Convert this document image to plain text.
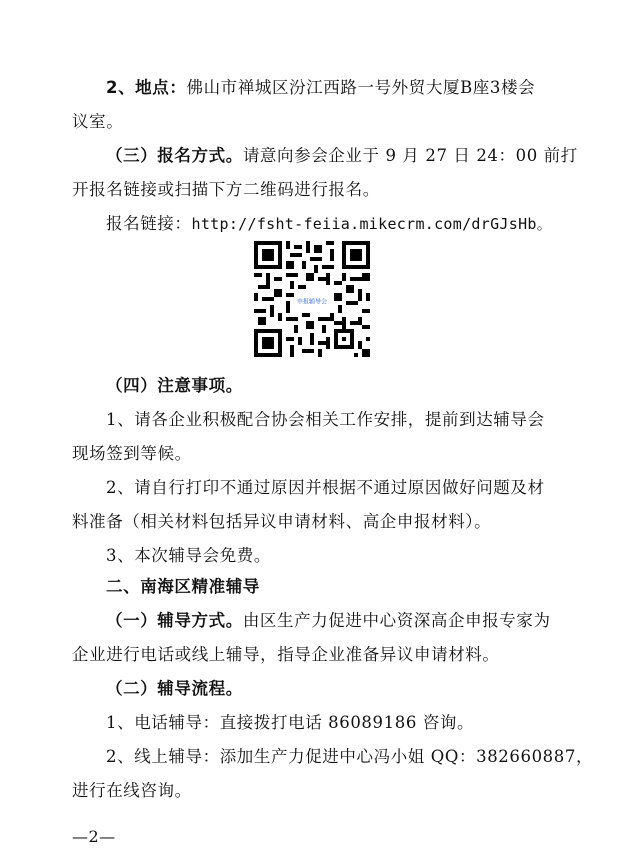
2、地点：佛山市禅城区汾江西路一号外贸大厦B座3楼会
议室。
（三）报名方式。请意向参会企业于 9 月 27 日 24：00 前打
开报名链接或扫描下方二维码进行报名。
报名链接：http://fsht-feiia.mikecrm.com/drGJsHb。
申报辅导会
（四）注意事项。
1、请各企业积极配合协会相关工作安排，提前到达辅导会
现场签到等候。
2、请自行打印不通过原因并根据不通过原因做好问题及材
料准备（相关材料包括异议申请材料、高企申报材料）。
3、本次辅导会免费。
二、南海区精准辅导
（一）辅导方式。由区生产力促进中心资深高企申报专家为
企业进行电话或线上辅导，指导企业准备异议申请材料。
（二）辅导流程。
1、电话辅导：直接拨打电话 86089186 咨询。
2、线上辅导：添加生产力促进中心冯小姐 QQ：382660887，
进行在线咨询。
—2—
